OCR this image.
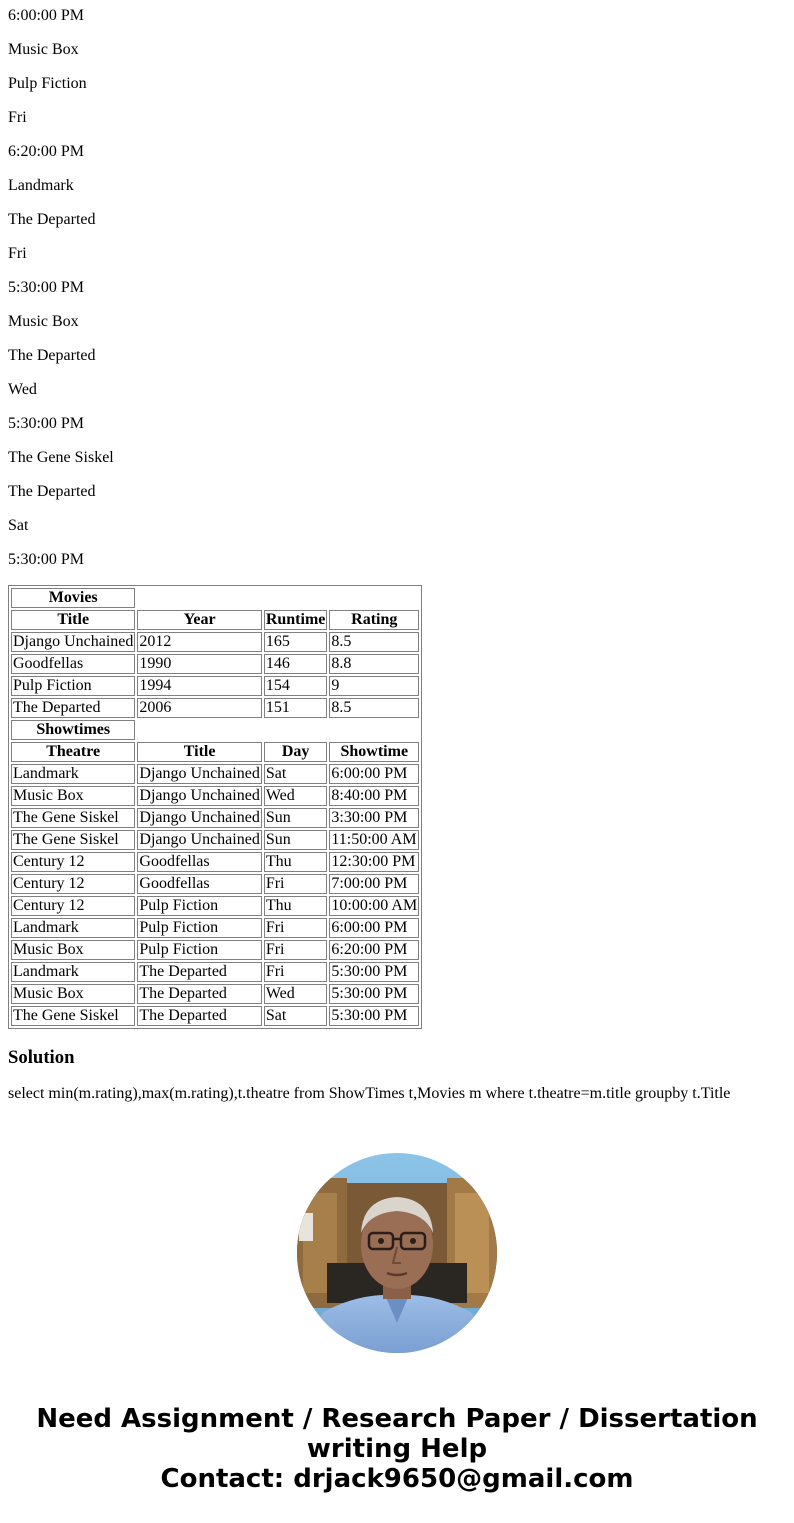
6:00:00 PM

Music Box

Pulp Fiction

Fri

6:20:00 PM

Landmark

The Departed

Fri

5:30:00 PM

Music Box

The Departed

Wed

5:30:00 PM

The Gene Siskel

The Departed

Sat

5:30:00 PM

Movies			
Title	Year	Runtime	Rating
Django Unchained	2012	165	8.5
Goodfellas	1990	146	8.8
Pulp Fiction	1994	154	9
The Departed	2006	151	8.5
Showtimes			
Theatre	Title	Day	Showtime
Landmark	Django Unchained	Sat	6:00:00 PM
Music Box	Django Unchained	Wed	8:40:00 PM
The Gene Siskel	Django Unchained	Sun	3:30:00 PM
The Gene Siskel	Django Unchained	Sun	11:50:00 AM
Century 12	Goodfellas	Thu	12:30:00 PM
Century 12	Goodfellas	Fri	7:00:00 PM
Century 12	Pulp Fiction	Thu	10:00:00 AM
Landmark	Pulp Fiction	Fri	6:00:00 PM
Music Box	Pulp Fiction	Fri	6:20:00 PM
Landmark	The Departed	Fri	5:30:00 PM
Music Box	The Departed	Wed	5:30:00 PM
The Gene Siskel	The Departed	Sat	5:30:00 PM
Solution

select min(m.rating),max(m.rating),t.theatre from ShowTimes t,Movies m where t.theatre=m.title groupby t.Title

Need Assignment / Research Paper / Dissertation
writing Help
Contact: drjack9650@gmail.com
